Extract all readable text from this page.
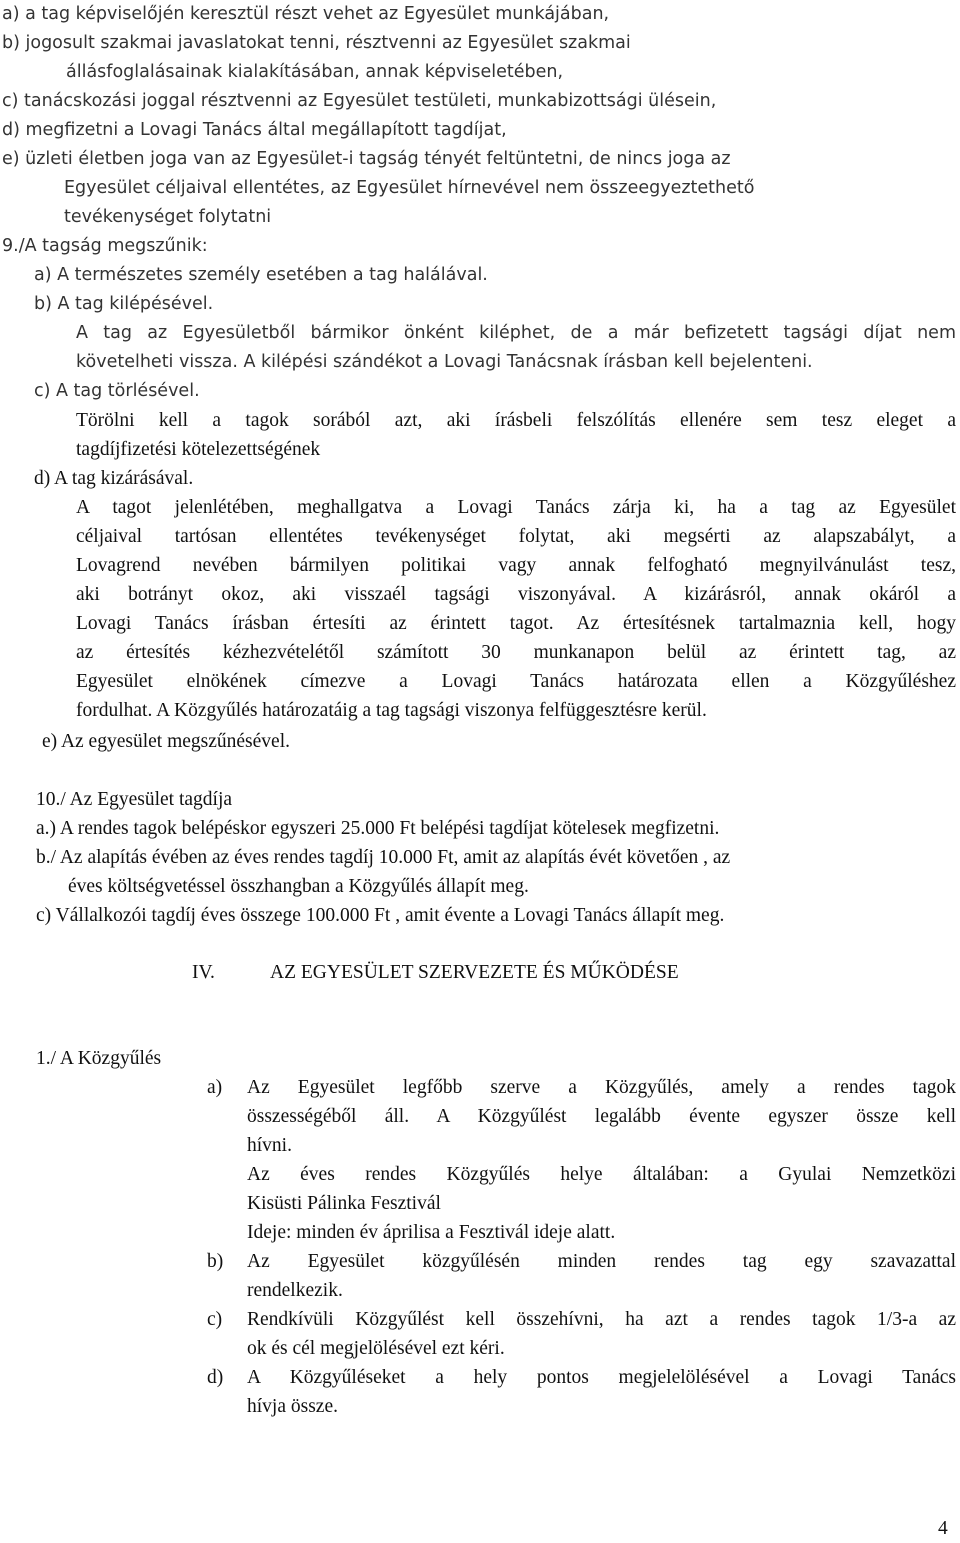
a) a tag képviselőjén keresztül részt vehet az Egyesület munkájában,
b) jogosult szakmai javaslatokat tenni, résztvenni az Egyesület szakmai
állásfoglalásainak kialakításában, annak képviseletében,
c) tanácskozási joggal résztvenni az Egyesület testületi, munkabizottsági ülésein,
d) megfizetni a Lovagi Tanács által megállapított tagdíjat,
e) üzleti életben joga van az Egyesület-i tagság tényét feltüntetni, de nincs joga az
Egyesület céljaival ellentétes, az Egyesület hírnevével nem összeegyeztethető
tevékenységet folytatni
9./A tagság megszűnik:
a) A természetes személy esetében a tag halálával.
b) A tag kilépésével.
A tag az Egyesületből bármikor önként kiléphet, de a már befizetett tagsági díjat nem
követelheti vissza. A kilépési szándékot a Lovagi Tanácsnak írásban kell bejelenteni.
c) A tag törlésével.
Törölni kell a tagok sorából azt, aki írásbeli felszólítás ellenére sem tesz eleget a
tagdíjfizetési kötelezettségének
d) A tag kizárásával.
A tagot jelenlétében, meghallgatva a Lovagi Tanács zárja ki, ha a tag az Egyesület
céljaival tartósan ellentétes tevékenységet folytat, aki megsérti az alapszabályt, a
Lovagrend nevében bármilyen politikai vagy annak felfogható megnyilvánulást tesz,
aki botrányt okoz, aki visszaél tagsági viszonyával. A kizárásról, annak okáról a
Lovagi Tanács írásban értesíti az érintett tagot. Az értesítésnek tartalmaznia kell, hogy
az értesítés kézhezvételétől számított 30 munkanapon belül az érintett tag, az
Egyesület elnökének címezve a Lovagi Tanács határozata ellen a Közgyűléshez
fordulhat. A Közgyűlés határozatáig a tag tagsági viszonya felfüggesztésre kerül.
e) Az egyesület megszűnésével.
10./ Az Egyesület tagdíja
a.) A rendes tagok belépéskor egyszeri 25.000 Ft belépési tagdíjat kötelesek megfizetni.
b./ Az alapítás évében az éves rendes tagdíj 10.000 Ft, amit az alapítás évét követően , az
éves költségvetéssel összhangban a Közgyűlés állapít meg.
c) Vállalkozói tagdíj éves összege 100.000 Ft , amit évente a Lovagi Tanács állapít meg.
IV.	AZ EGYESÜLET SZERVEZETE ÉS MŰKÖDÉSE
1./ A Közgyűlés
a) Az Egyesület legfőbb szerve a Közgyűlés, amely a rendes tagok
összességéből áll. A Közgyűlést legalább évente egyszer össze kell
hívni.
Az éves rendes Közgyűlés helye általában: a Gyulai Nemzetközi
Kisüsti Pálinka Fesztivál
Ideje: minden év áprilisa a Fesztivál ideje alatt.
b) Az Egyesület közgyűlésén minden rendes tag egy szavazattal
rendelkezik.
c) Rendkívüli Közgyűlést kell összehívni, ha azt a rendes tagok 1/3-a az
ok és cél megjelölésével ezt kéri.
d) A Közgyűléseket a hely pontos megjelelölésével a Lovagi Tanács
hívja össze.
4
